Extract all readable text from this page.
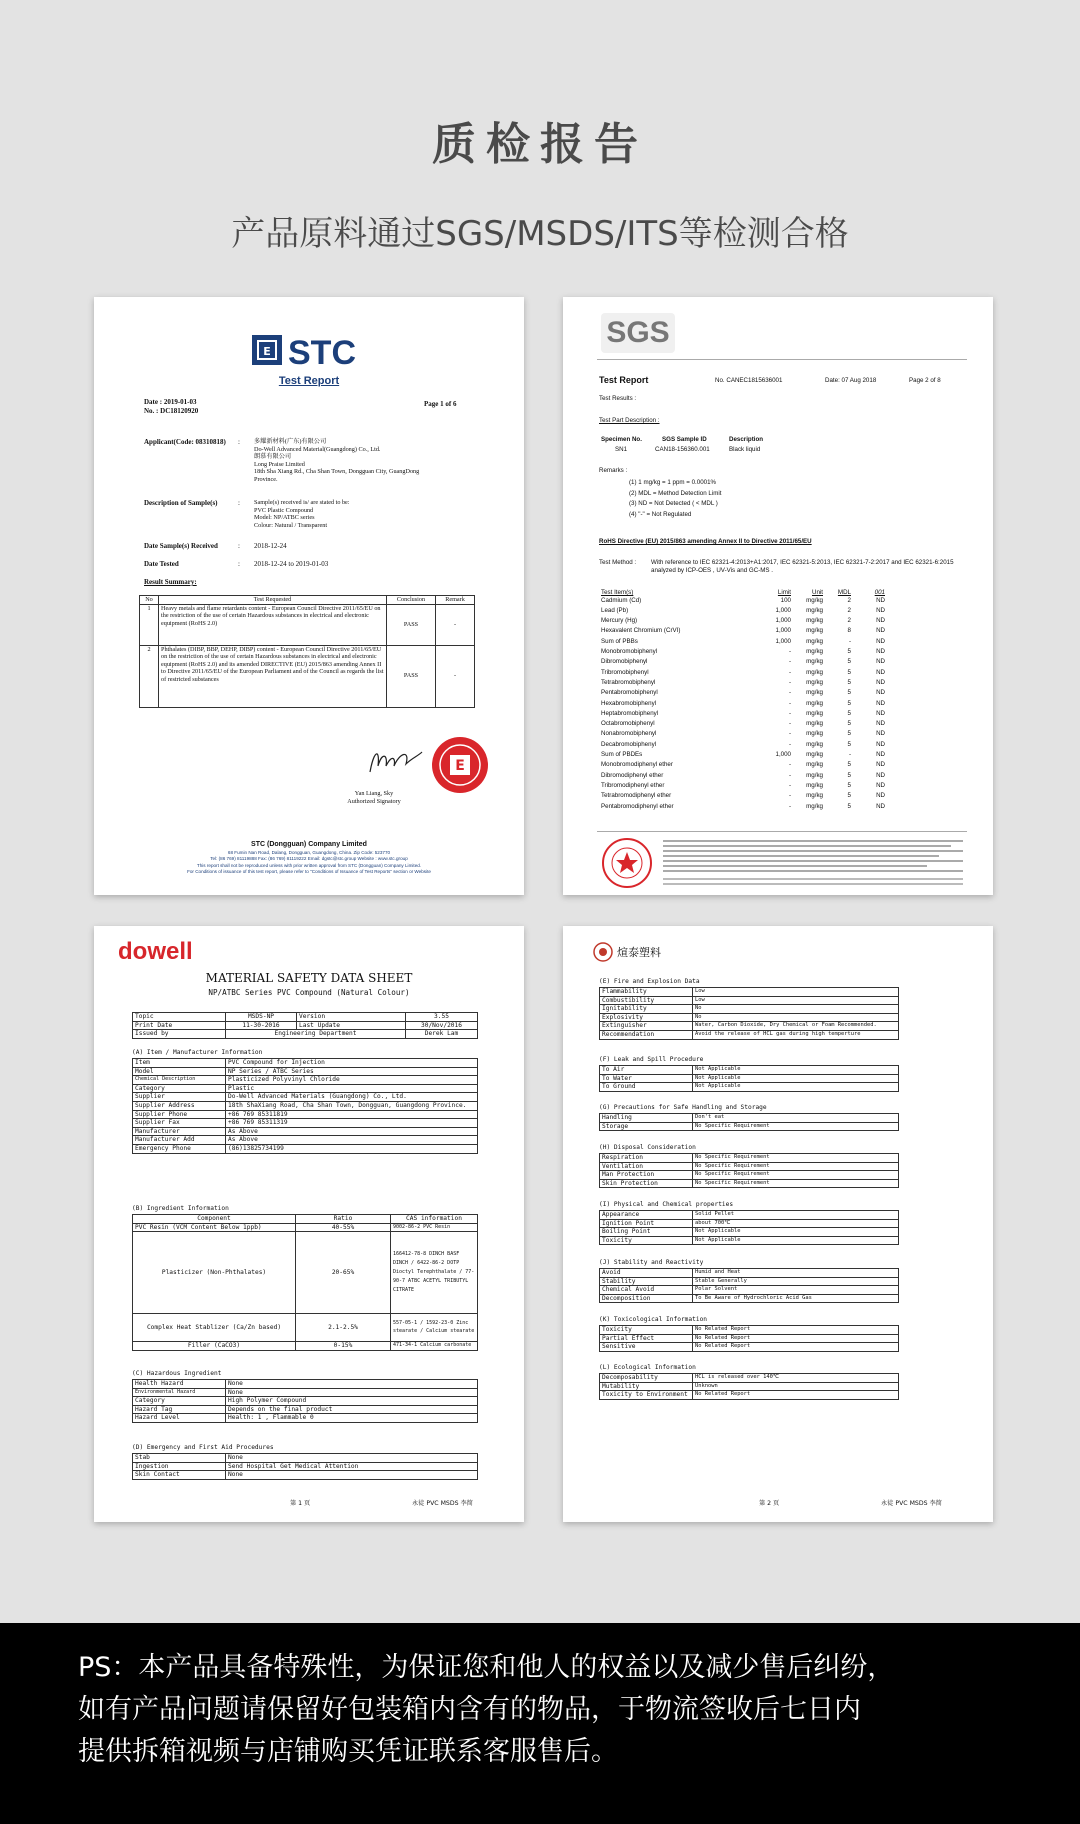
质检报告
产品原料通过SGS/MSDS/ITS等检测合格
E STC
Test Report
Date : 2019-01-03
No. : DC18120920
Page 1 of 6
Applicant(Code: 08310818) : 多耀新材料(广东)有限公司
Do-Well Advanced Material(Guangdong) Co., Ltd.
朗慕有限公司
Long Praise Limited
18th Sha Xiang Rd., Cha Shan Town, Dongguan City, GuangDong
Province.
Description of Sample(s)	: Sample(s) received is/ are stated to be:
PVC Plastic Compound
Model: NP/ATBC series
Colour: Natural / Transparent
Date Sample(s) Received	: 2018-12-24
Date Tested	: 2018-12-24 to 2019-01-03
Result Summary:
No	Test Requested	Conclusion	Remark
1	Heavy metals and flame retardants content - European Council Directive 2011/65/EU on the restriction of the use of certain Hazardous substances in electrical and electronic equipment (RoHS 2.0)	PASS	-
2	Phthalates (DIBP, BBP, DEHP, DIBP) content - European Council Directive 2011/65/EU on the restriction of the use of certain Hazardous substances in electrical and electronic equipment (RoHS 2.0) and its amended DIRECTIVE (EU) 2015/863 amending Annex II to Directive 2011/65/EU of the European Parliament and of the Council as regards the list of restricted substances	PASS	-
E
Yan Liang, Sky
Authorized Signatory
STC (Dongguan) Company Limited
68 Fumin Nan Road, Dalang, Dongguan, Guangdong, China. Zip Code: 523770
Tel: (86 769) 81119888 Fax: (86 769) 81119222 Email: dgstc@stc.group Website : www.stc.group
This report shall not be reproduced unless with prior written approval from STC (Dongguan) Company Limited.
For Conditions of issuance of this test report, please refer to "Conditions of Issuance of Test Reports" section or Website
SGS
Test Report	No. CANEC1815636001	Date: 07 Aug 2018	Page 2 of 8
Test Results :
Test Part Description :
Specimen No.	SGS Sample ID	Description
SN1	CAN18-156360.001	Black liquid
Remarks :
(1) 1 mg/kg = 1 ppm = 0.0001%
(2) MDL = Method Detection Limit
(3) ND = Not Detected ( < MDL )
(4) "-" = Not Regulated
RoHS Directive (EU) 2015/863 amending Annex II to Directive 2011/65/EU
Test Method : With reference to IEC 62321-4:2013+A1:2017, IEC 62321-5:2013, IEC 62321-7-2:2017 and IEC 62321-6:2015 analyzed by ICP-OES , UV-Vis and GC-MS .
Test Item(s)	Limit	Unit	MDL	001
Cadmium (Cd)	100	mg/kg	2	ND
Lead (Pb)	1,000	mg/kg	2	ND
Mercury (Hg)	1,000	mg/kg	2	ND
Hexavalent Chromium (CrVI)	1,000	mg/kg	8	ND
Sum of PBBs	1,000	mg/kg	-	ND
Monobromobiphenyl	-	mg/kg	5	ND
Dibromobiphenyl	-	mg/kg	5	ND
Tribromobiphenyl	-	mg/kg	5	ND
Tetrabromobiphenyl	-	mg/kg	5	ND
Pentabromobiphenyl	-	mg/kg	5	ND
Hexabromobiphenyl	-	mg/kg	5	ND
Heptabromobiphenyl	-	mg/kg	5	ND
Octabromobiphenyl	-	mg/kg	5	ND
Nonabromobiphenyl	-	mg/kg	5	ND
Decabromobiphenyl	-	mg/kg	5	ND
Sum of PBDEs	1,000	mg/kg	-	ND
Monobromodiphenyl ether	-	mg/kg	5	ND
Dibromodiphenyl ether	-	mg/kg	5	ND
Tribromodiphenyl ether	-	mg/kg	5	ND
Tetrabromodiphenyl ether	-	mg/kg	5	ND
Pentabromodiphenyl ether	-	mg/kg	5	ND
dowell
MATERIAL SAFETY DATA SHEET
NP/ATBC Series PVC Compound (Natural Colour)
Topic	MSDS-NP	Version	3.55
Print Date	11-30-2016	Last Update	30/Nov/2016
Issued by	Engineering Department		Derek Lam
(A) Item / Manufacturer Information
Item	PVC Compound for Injection
Model	NP Series / ATBC Series
Chemical Description	Plasticized Polyvinyl Chloride
Category	Plastic
Supplier	Do-Well Advanced Materials (Guangdong) Co., Ltd.
Supplier Address	18th ShaXiang Road, Cha Shan Town, Dongguan, Guangdong Province.
Supplier Phone	+86 769 85311819
Supplier Fax	+86 769 85311319
Manufacturer	As Above
Manufacturer Add	As Above
Emergency Phone	(86)13825734199
(B) Ingredient Information
Component	Ratio	CAS information
PVC Resin (VCM Content Below 1ppb)	40-55%	9002-86-2 PVC Resin
Plasticizer (Non-Phthalates)	20-65%	166412-78-8 DINCH BASF DINCH / 6422-86-2 DOTP Dioctyl Terephthalate / 77-90-7 ATBC ACETYL TRIBUTYL CITRATE
Complex Heat Stablizer (Ca/Zn based)	2.1-2.5%	557-05-1 / 1592-23-0 Zinc stearate / Calcium stearate
Filler (CaCO3)	0-15%	471-34-1 Calcium carbonate
(C) Hazardous Ingredient
Health Hazard	None
Environmental Hazard	None
Category	High Polymer Compound
Hazard Tag	Depends on the final product
Hazard Level	Health: 1 , Flammable 0
(D) Emergency and First Aid Procedures
Stab	None
Ingestion	Send Hospital Get Medical Attention
Skin Contact	None
第 1 页	永徒 PVC MSDS 李简
煊泰塑料
(E) Fire and Explosion Data
Flammability	Low
Combustibility	Low
Ignitability	No
Explosivity	No
Extinguisher	Water, Carbon Dioxide, Dry Chemical or Foam Recommended.
Recommendation	Avoid the release of HCL gas during high temperture
(F) Leak and Spill Procedure
To Air	Not Applicable
To Water	Not Applicable
To Ground	Not Applicable
(G) Precautions for Safe Handling and Storage
Handling	Don't eat
Storage	No Specific Requirement
(H) Disposal Consideration
Respiration	No Specific Requirement
Ventilation	No Specific Requirement
Man Protection	No Specific Requirement
Skin Protection	No Specific Requirement
(I) Physical and Chemical properties
Appearance	Solid Pellet
Ignition Point	about 700℃
Boiling Point	Not Applicable
Toxicity	Not Applicable
(J) Stability and Reactivity
Avoid	Humid and Heat
Stability	Stable Generally
Chemical Avoid	Polar Solvent
Decomposition	To Be Aware of Hydrochloric Acid Gas
(K) Toxicological Information
Toxicity	No Related Report
Partial Effect	No Related Report
Sensitive	No Related Report
(L) Ecological Information
Decomposability	HCL is released over 140℃
Mutability	Unknown
Toxicity to Environment	No Related Report
第 2 页	永徒 PVC MSDS 李简
PS：本产品具备特殊性，为保证您和他人的权益以及减少售后纠纷，
如有产品问题请保留好包装箱内含有的物品，于物流签收后七日内
提供拆箱视频与店铺购买凭证联系客服售后。
